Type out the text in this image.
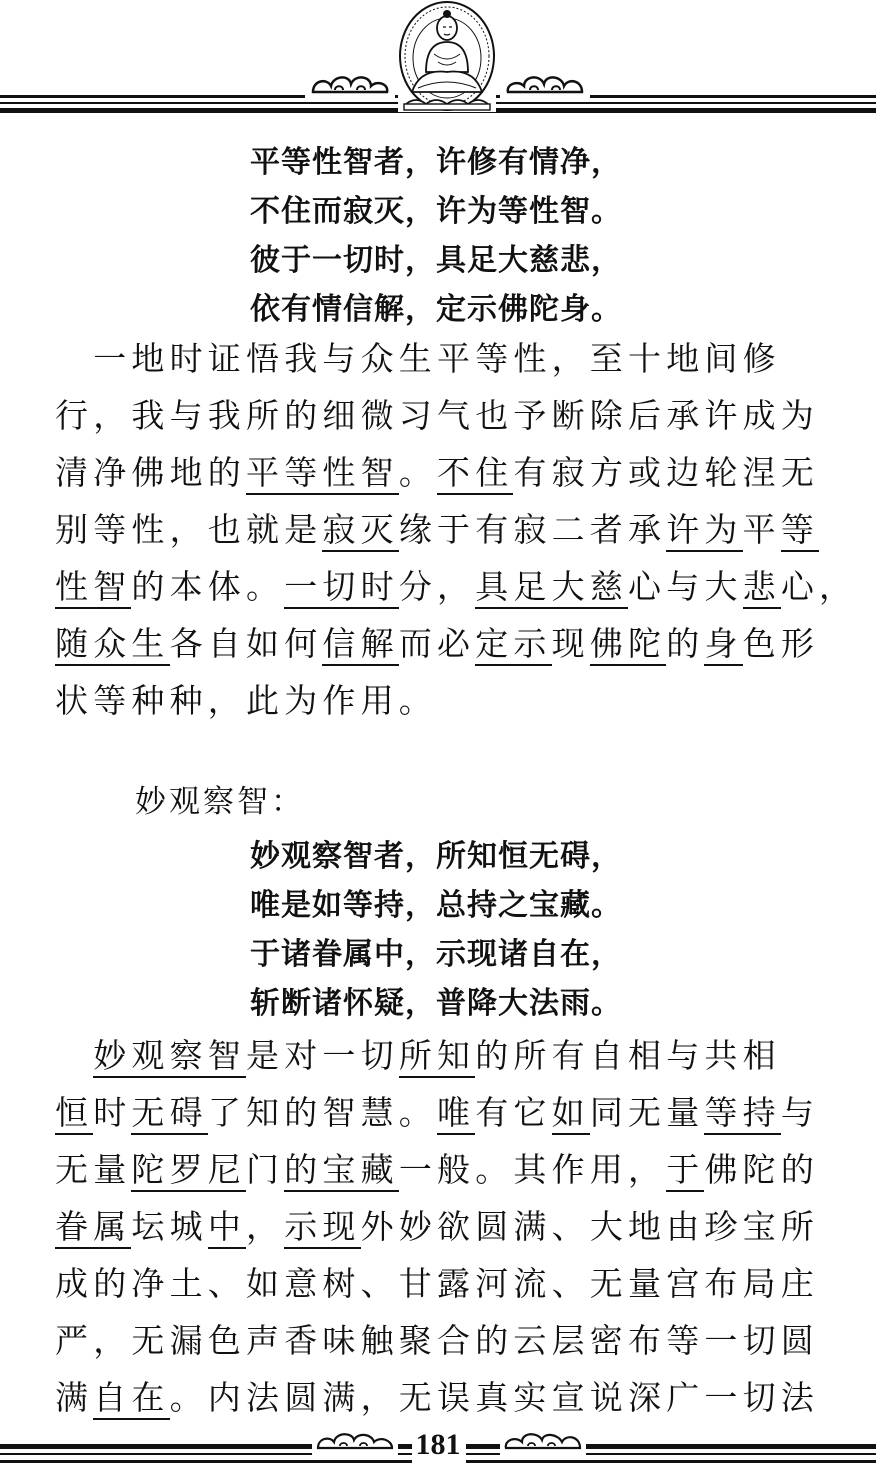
平等性智者，许修有情净，
不住而寂灭，许为等性智。
彼于一切时，具足大慈悲，
依有情信解，定示佛陀身。
　一地时证悟我与众生平等性，至十地间修
行，我与我所的细微习气也予断除后承许成为
清净佛地的平等性智。不住有寂方或边轮涅无
别等性，也就是寂灭缘于有寂二者承许为平等
性智的本体。一切时分，具足大慈心与大悲心，
随众生各自如何信解而必定示现佛陀的身色形
状等种种，此为作用。
妙观察智：
妙观察智者，所知恒无碍，
唯是如等持，总持之宝藏。
于诸眷属中，示现诸自在，
斩断诸怀疑，普降大法雨。
　妙观察智是对一切所知的所有自相与共相
恒时无碍了知的智慧。唯有它如同无量等持与
无量陀罗尼门的宝藏一般。其作用，于佛陀的
眷属坛城中，示现外妙欲圆满、大地由珍宝所
成的净土、如意树、甘露河流、无量宫布局庄
严，无漏色声香味触聚合的云层密布等一切圆
满自在。内法圆满，无误真实宣说深广一切法
181
